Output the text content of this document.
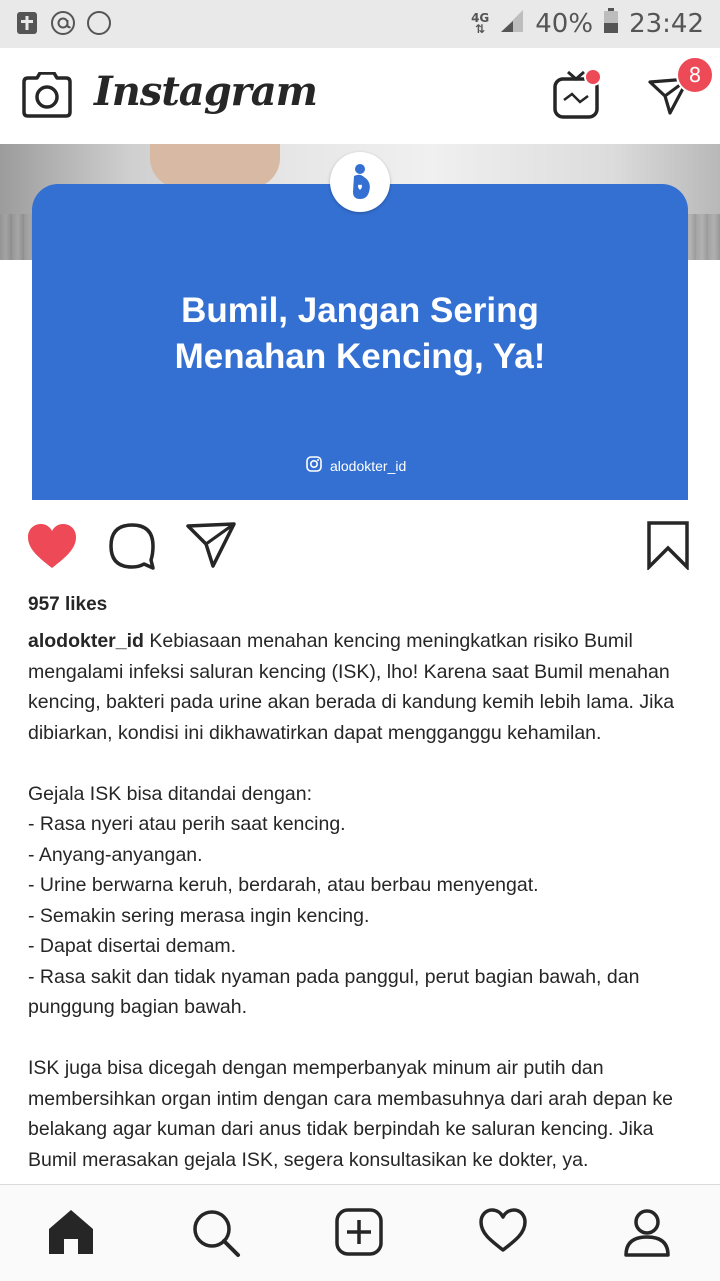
4G
⇅ 40% 23:42
Instagram	8
Bumil, Jangan Sering
Menahan Kencing, Ya!
alodokter_id
957 likes

alodokter_id Kebiasaan menahan kencing meningkatkan risiko Bumil mengalami infeksi saluran kencing (ISK), lho! Karena saat Bumil menahan kencing, bakteri pada urine akan berada di kandung kemih lebih lama. Jika dibiarkan, kondisi ini dikhawatirkan dapat mengganggu kehamilan.

Gejala ISK bisa ditandai dengan:

- Rasa nyeri atau perih saat kencing.

- Anyang-anyangan.

- Urine berwarna keruh, berdarah, atau berbau menyengat.

- Semakin sering merasa ingin kencing.

- Dapat disertai demam.

- Rasa sakit dan tidak nyaman pada panggul, perut bagian bawah, dan punggung bagian bawah.

ISK juga bisa dicegah dengan memperbanyak minum air putih dan membersihkan organ intim dengan cara membasuhnya dari arah depan ke belakang agar kuman dari anus tidak berpindah ke saluran kencing. Jika Bumil merasakan gejala ISK, segera konsultasikan ke dokter, ya.
